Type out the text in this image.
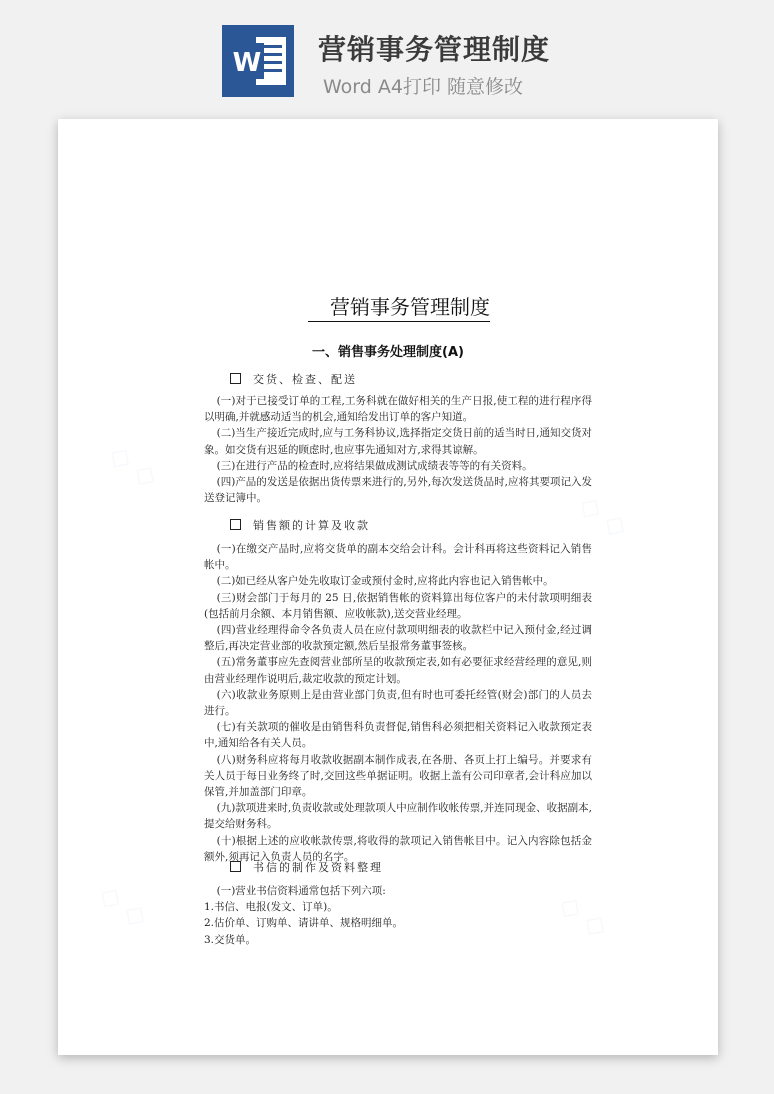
W 营销事务管理制度
Word A4打印 随意修改
◇ ◇
◇ ◇
◇ ◇	◇ ◇
营销事务管理制度
一、销售事务处理制度(A)
交货、检查、配送

(一)对于已接受订单的工程,工务科就在做好相关的生产日报,使工程的进行程序得以明确,并就感动适当的机会,通知给发出订单的客户知道。

(二)当生产接近完成时,应与工务科协议,选择指定交货日前的适当时日,通知交货对象。如交货有迟延的顾虑时,也应事先通知对方,求得其谅解。

(三)在进行产品的检查时,应将结果做成测试成绩表等等的有关资料。

(四)产品的发送是依据出货传票来进行的,另外,每次发送货品时,应将其要项记入发送登记簿中。

销售额的计算及收款

(一)在缴交产品时,应将交货单的副本交给会计科。会计科再将这些资料记入销售帐中。

(二)如已经从客户处先收取订金或预付金时,应将此内容也记入销售帐中。

(三)财会部门于每月的 25 日,依据销售帐的资料算出每位客户的未付款项明细表(包括前月余额、本月销售额、应收帐款),送交营业经理。

(四)营业经理得命令各负责人员在应付款项明细表的收款栏中记入预付金,经过调整后,再决定营业部的收款预定额,然后呈报常务董事签核。

(五)常务董事应先查阅营业部所呈的收款预定表,如有必要征求经营经理的意见,则由营业经理作说明后,裁定收款的预定计划。

(六)收款业务原则上是由营业部门负责,但有时也可委托经管(财会)部门的人员去进行。

(七)有关款项的催收是由销售科负责督促,销售科必须把相关资料记入收款预定表中,通知给各有关人员。

(八)财务科应将每月收款收据副本制作成表,在各册、各页上打上编号。并要求有关人员于每日业务终了时,交回这些单据证明。收据上盖有公司印章者,会计科应加以保管,并加盖部门印章。

(九)款项进来时,负责收款或处理款项人中应制作收帐传票,并连同现金、收据副本,提交给财务科。

(十)根据上述的应收帐款传票,将收得的款项记入销售帐目中。记入内容除包括金额外,须再记入负责人员的名字。

书信的制作及资料整理

(一)营业书信资料通常包括下列六项:

1.书信、电报(发文、订单)。

2.估价单、订购单、请讲单、规格明细单。

3.交货单。
